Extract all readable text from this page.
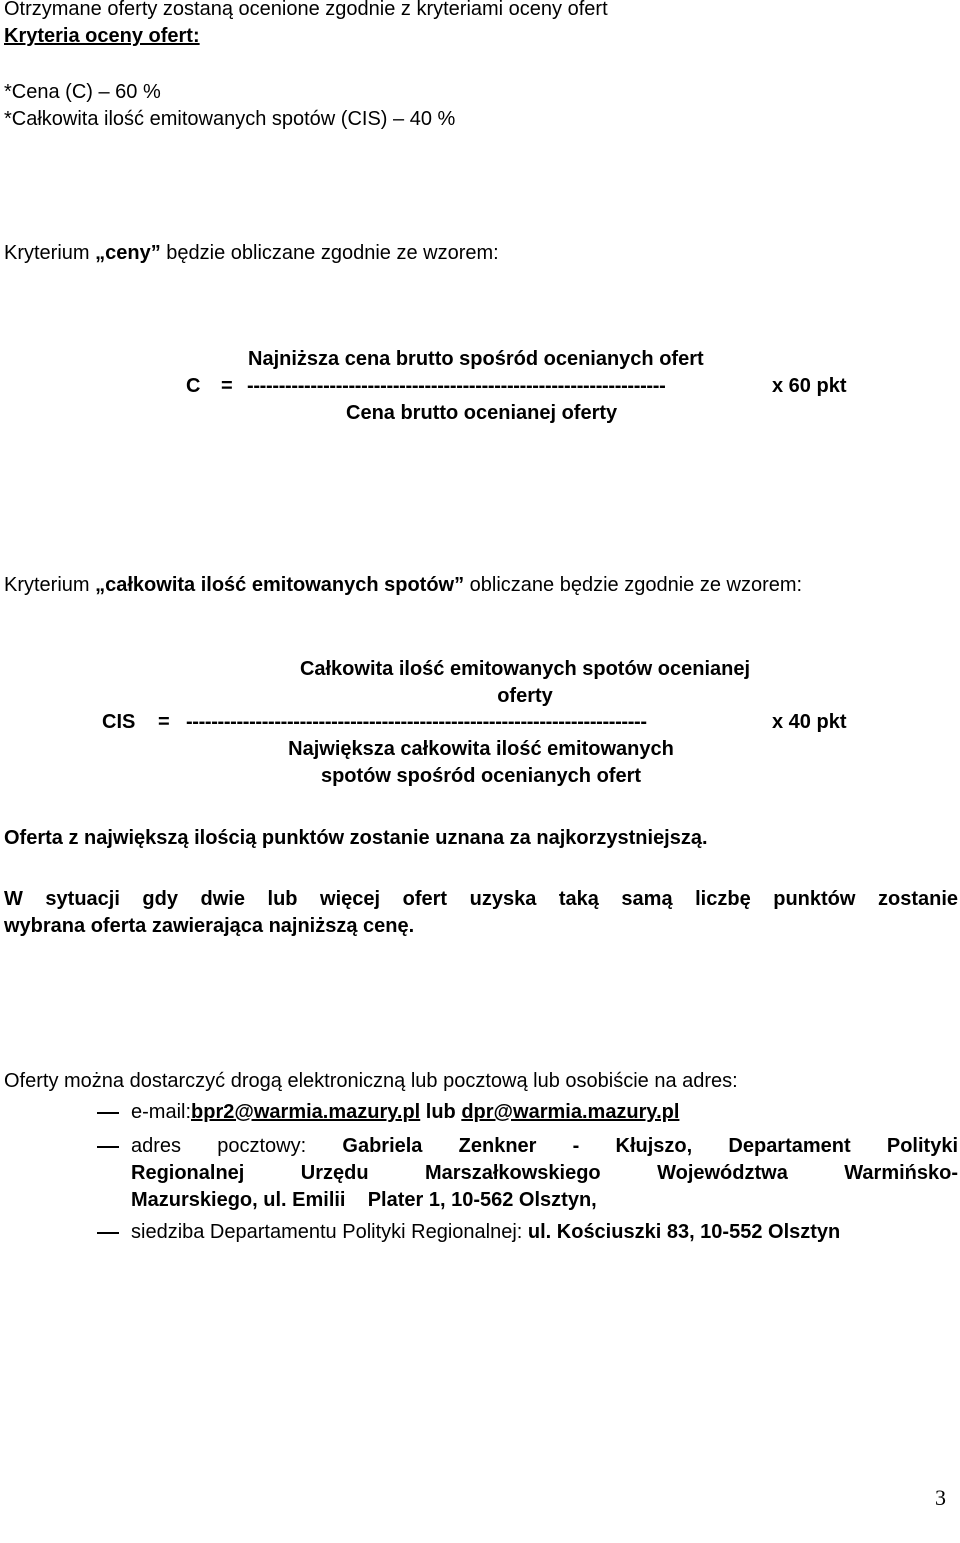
Otrzymane oferty zostaną ocenione zgodnie z kryteriami oceny ofert
Kryteria oceny ofert:
*Cena (C) – 60 %
*Całkowita ilość emitowanych spotów (CIS) – 40 %
Kryterium „ceny” będzie obliczane zgodnie ze wzorem:
Najniższa cena brutto spośród ocenianych ofert
C = ------------------------------------------------------------------	x 60 pkt
Cena brutto ocenianej oferty
Kryterium „całkowita ilość emitowanych spotów” obliczane będzie zgodnie ze wzorem:
Całkowita ilość emitowanych spotów ocenianej
oferty
CIS = -------------------------------------------------------------------------	x 40 pkt
Największa całkowita ilość emitowanych
spotów spośród ocenianych ofert
Oferta z największą ilością punktów zostanie uznana za najkorzystniejszą.
W sytuacji gdy dwie lub więcej ofert uzyska taką samą liczbę punktów zostanie
wybrana oferta zawierająca najniższą cenę.
Oferty można dostarczyć drogą elektroniczną lub pocztową lub osobiście na adres:
e-mail:bpr2@warmia.mazury.pl lub dpr@warmia.mazury.pl
adres pocztowy: Gabriela Zenkner - Kłujszo, Departament Polityki
Regionalnej Urzędu Marszałkowskiego Województwa Warmińsko-
Mazurskiego, ul. Emilii    Plater 1, 10-562 Olsztyn,
siedziba Departamentu Polityki Regionalnej: ul. Kościuszki 83, 10-552 Olsztyn
3
